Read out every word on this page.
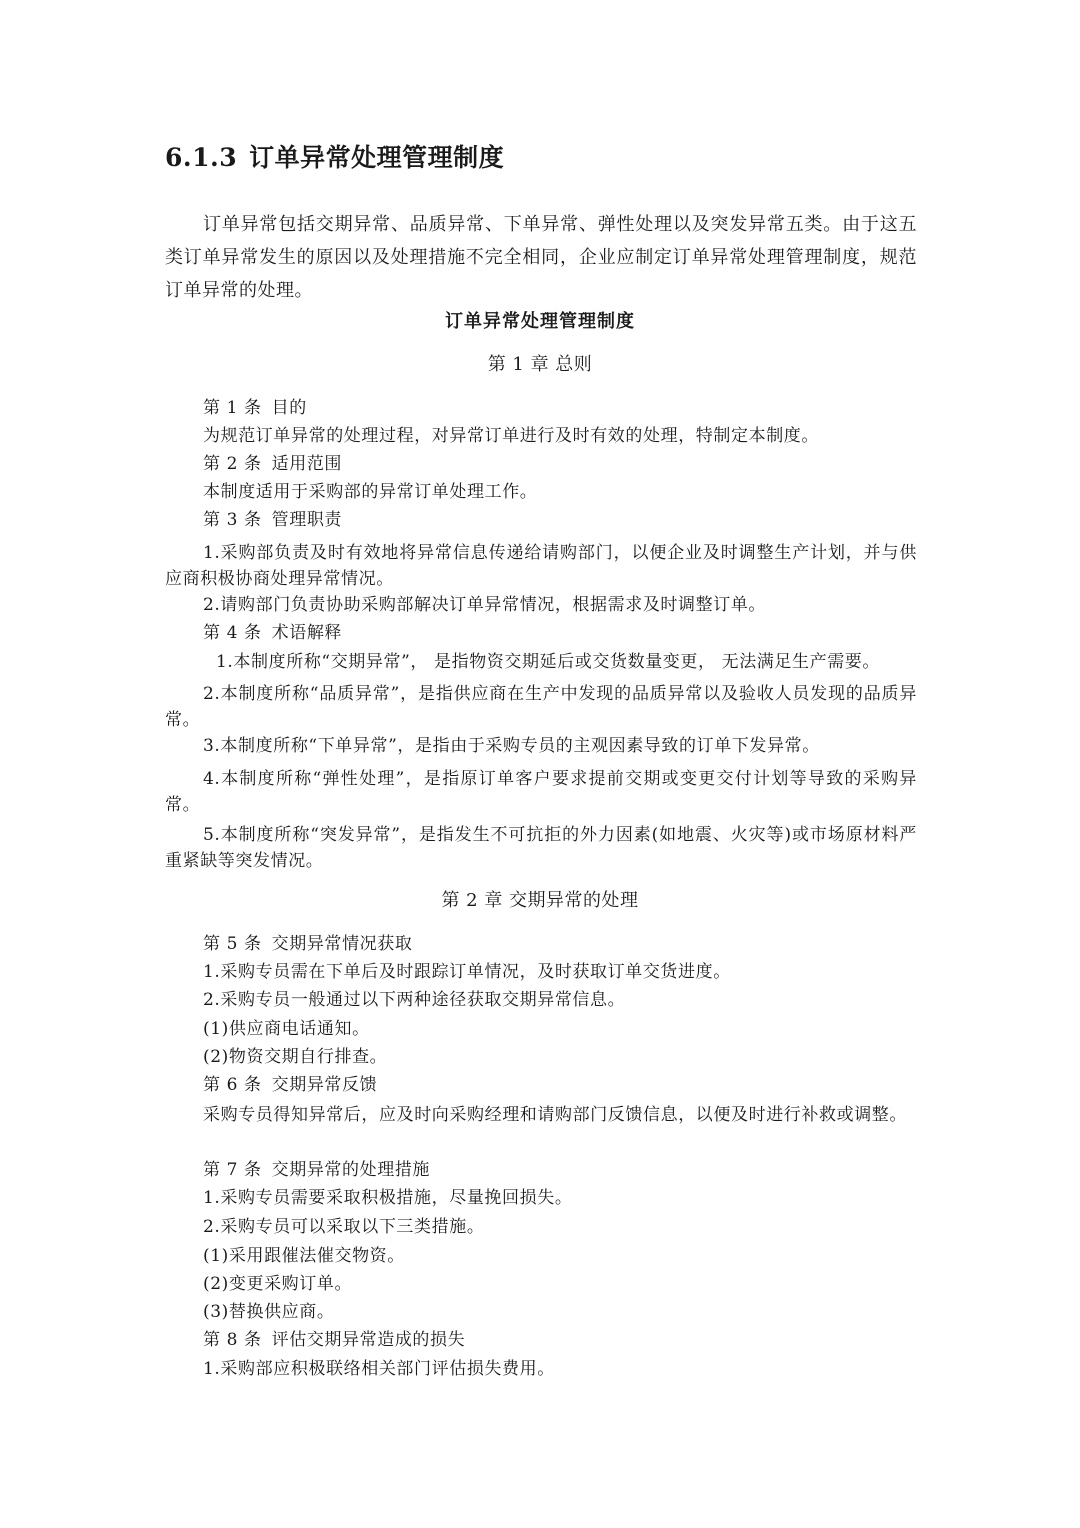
6.1.3 订单异常处理管理制度
订单异常包括交期异常、品质异常、下单异常、弹性处理以及突发异常五类。由于这五类订单异常发生的原因以及处理措施不完全相同，企业应制定订单异常处理管理制度，规范订单异常的处理。
订单异常处理管理制度
第 1 章 总则
第 1 条 目的
为规范订单异常的处理过程，对异常订单进行及时有效的处理，特制定本制度。
第 2 条 适用范围
本制度适用于采购部的异常订单处理工作。
第 3 条 管理职责
1.采购部负责及时有效地将异常信息传递给请购部门，以便企业及时调整生产计划，并与供应商积极协商处理异常情况。
2.请购部门负责协助采购部解决订单异常情况，根据需求及时调整订单。
第 4 条 术语解释
1.本制度所称“交期异常”， 是指物资交期延后或交货数量变更， 无法满足生产需要。
2.本制度所称“品质异常”，是指供应商在生产中发现的品质异常以及验收人员发现的品质异常。
3.本制度所称“下单异常”，是指由于采购专员的主观因素导致的订单下发异常。
4.本制度所称“弹性处理”，是指原订单客户要求提前交期或变更交付计划等导致的采购异常。
5.本制度所称“突发异常”，是指发生不可抗拒的外力因素(如地震、火灾等)或市场原材料严重紧缺等突发情况。
第 2 章 交期异常的处理
第 5 条 交期异常情况获取
1.采购专员需在下单后及时跟踪订单情况，及时获取订单交货进度。
2.采购专员一般通过以下两种途径获取交期异常信息。
(1)供应商电话通知。
(2)物资交期自行排查。
第 6 条 交期异常反馈
采购专员得知异常后，应及时向采购经理和请购部门反馈信息，以便及时进行补救或调整。
第 7 条 交期异常的处理措施
1.采购专员需要采取积极措施，尽量挽回损失。
2.采购专员可以采取以下三类措施。
(1)采用跟催法催交物资。
(2)变更采购订单。
(3)替换供应商。
第 8 条 评估交期异常造成的损失
1.采购部应积极联络相关部门评估损失费用。
